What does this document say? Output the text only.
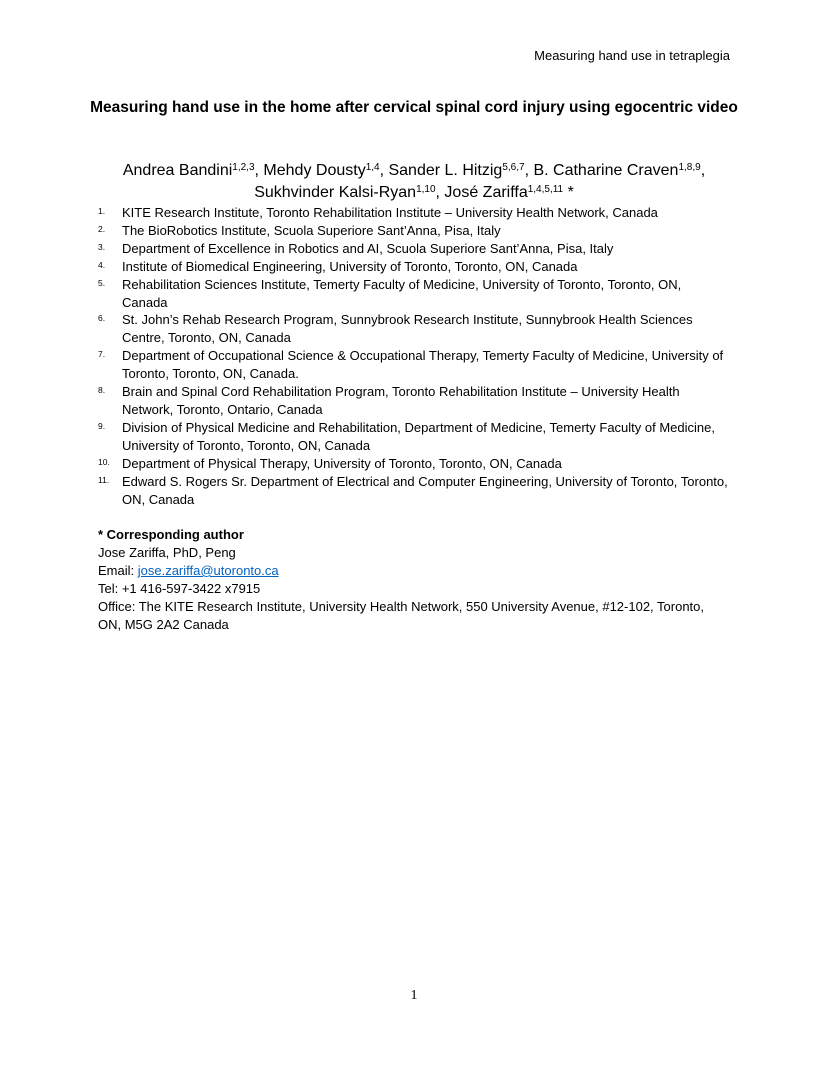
Measuring hand use in tetraplegia
Measuring hand use in the home after cervical spinal cord injury using egocentric video

Andrea Bandini$^{1,2,3}$, Mehdy Dousty$^{1,4}$, Sander L. Hitzig$^{5,6,7}$, B. Catharine Craven$^{1,8,9}$,
Sukhvinder Kalsi-Ryan$^{1,10}$, José Zariffa$^{1,4,5,11}$ *

1. KITE Research Institute, Toronto Rehabilitation Institute – University Health Network, Canada
2. The BioRobotics Institute, Scuola Superiore Sant’Anna, Pisa, Italy
3. Department of Excellence in Robotics and AI, Scuola Superiore Sant’Anna, Pisa, Italy
4. Institute of Biomedical Engineering, University of Toronto, Toronto, ON, Canada
5. Rehabilitation Sciences Institute, Temerty Faculty of Medicine, University of Toronto, Toronto, ON, Canada
6. St. John’s Rehab Research Program, Sunnybrook Research Institute, Sunnybrook Health Sciences Centre, Toronto, ON, Canada
7. Department of Occupational Science & Occupational Therapy, Temerty Faculty of Medicine, University of Toronto, Toronto, ON, Canada.
8. Brain and Spinal Cord Rehabilitation Program, Toronto Rehabilitation Institute – University Health Network, Toronto, Ontario, Canada
9. Division of Physical Medicine and Rehabilitation, Department of Medicine, Temerty Faculty of Medicine, University of Toronto, Toronto, ON, Canada
10. Department of Physical Therapy, University of Toronto, Toronto, ON, Canada
11. Edward S. Rogers Sr. Department of Electrical and Computer Engineering, University of Toronto, Toronto, ON, Canada
* Corresponding author
Jose Zariffa, PhD, Peng
Email: jose.zariffa@utoronto.ca
Tel: +1 416-597-3422 x7915
Office: The KITE Research Institute, University Health Network, 550 University Avenue, #12-102, Toronto, ON, M5G 2A2 Canada
1
